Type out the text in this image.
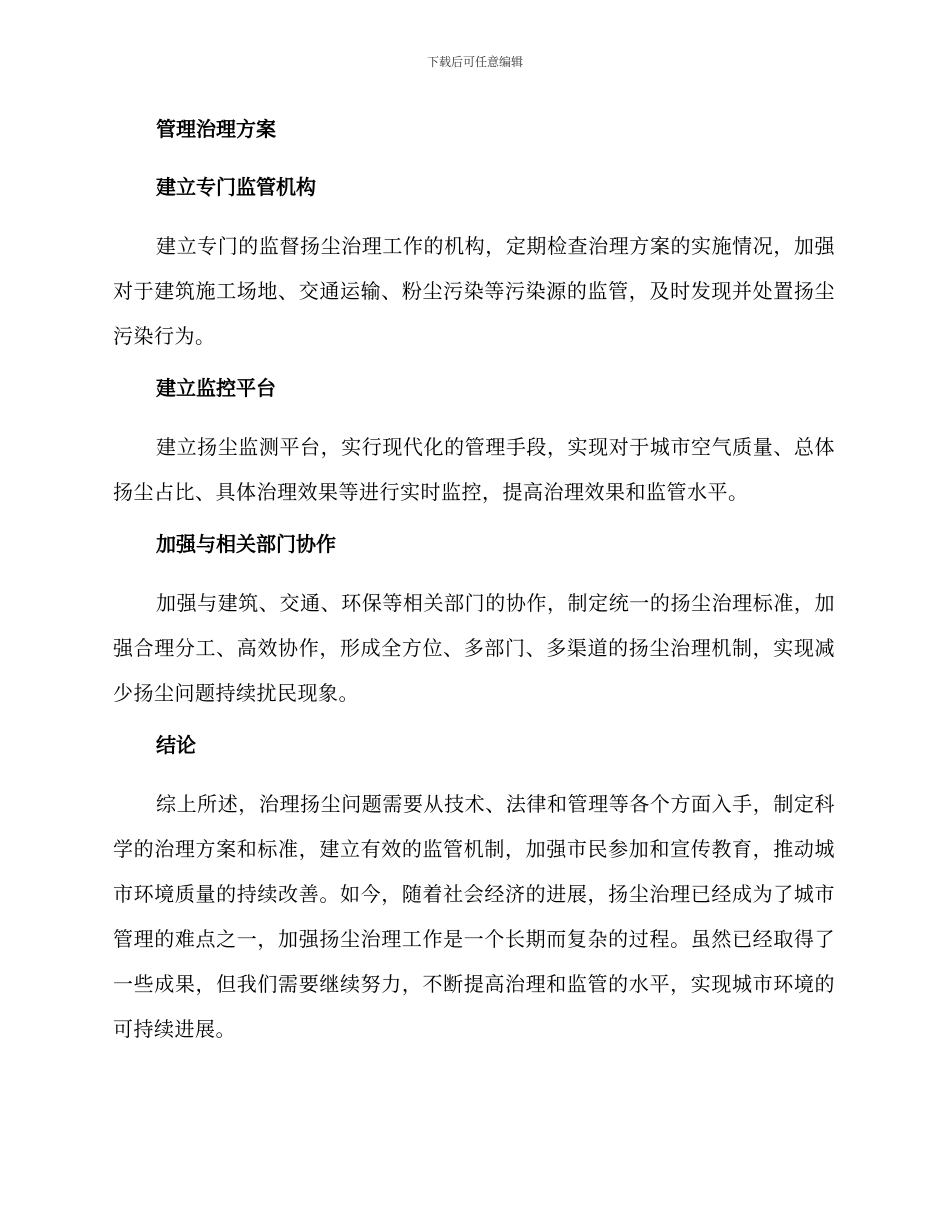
下载后可任意编辑
管理治理方案
建立专门监管机构

建立专门的监督扬尘治理工作的机构，定期检查治理方案的实施情况，加强对于建筑施工场地、交通运输、粉尘污染等污染源的监管，及时发现并处置扬尘污染行为。

建立监控平台

建立扬尘监测平台，实行现代化的管理手段，实现对于城市空气质量、总体扬尘占比、具体治理效果等进行实时监控，提高治理效果和监管水平。

加强与相关部门协作

加强与建筑、交通、环保等相关部门的协作，制定统一的扬尘治理标准，加强合理分工、高效协作，形成全方位、多部门、多渠道的扬尘治理机制，实现减少扬尘问题持续扰民现象。

结论

综上所述，治理扬尘问题需要从技术、法律和管理等各个方面入手，制定科学的治理方案和标准，建立有效的监管机制，加强市民参加和宣传教育，推动城市环境质量的持续改善。如今，随着社会经济的进展，扬尘治理已经成为了城市管理的难点之一，加强扬尘治理工作是一个长期而复杂的过程。虽然已经取得了一些成果，但我们需要继续努力，不断提高治理和监管的水平，实现城市环境的可持续进展。
